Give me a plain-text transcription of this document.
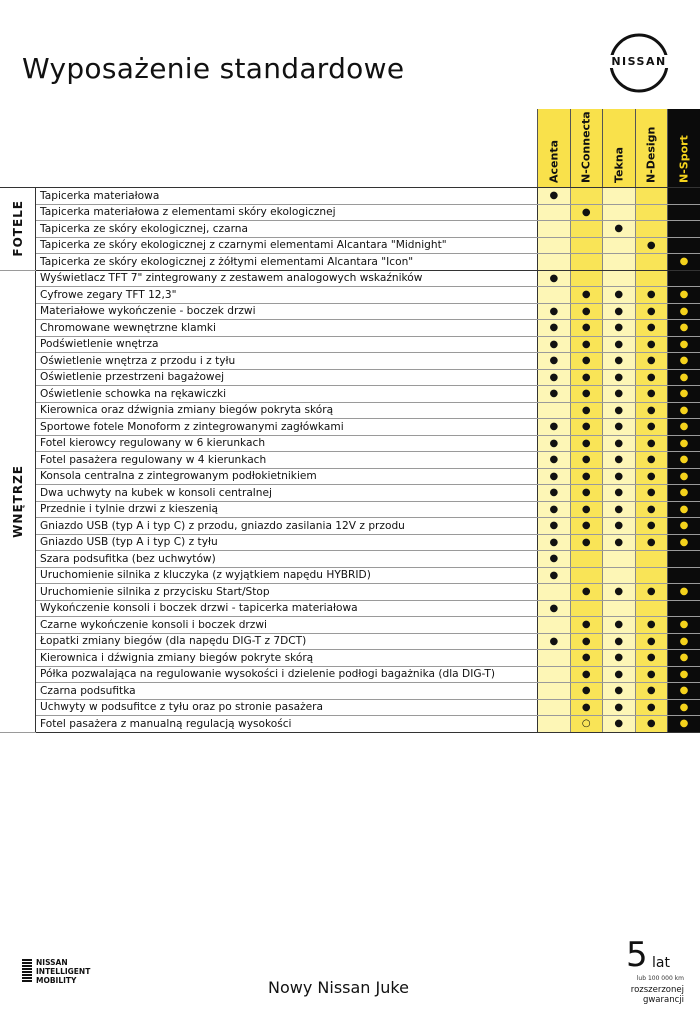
Wyposażenie standardowe	NISSAN

		Acenta	N-Connecta	Tekna	N-Design	N-Sport

FOTELE	Tapicerka materiałowa	●				
	Tapicerka materiałowa z elementami skóry ekologicznej		●			
	Tapicerka ze skóry ekologicznej, czarna			●		
	Tapicerka ze skóry ekologicznej z czarnymi elementami Alcantara "Midnight"				●	
	Tapicerka ze skóry ekologicznej z żółtymi elementami Alcantara "Icon"					●

WNĘTRZE	Wyświetlacz TFT 7" zintegrowany z zestawem analogowych wskaźników	●				
	Cyfrowe zegary TFT 12,3"		●	●	●	●
	Materiałowe wykończenie - boczek drzwi	●	●	●	●	●
	Chromowane wewnętrzne klamki	●	●	●	●	●
	Podświetlenie wnętrza	●	●	●	●	●
	Oświetlenie wnętrza z przodu i z tyłu	●	●	●	●	●
	Oświetlenie przestrzeni bagażowej	●	●	●	●	●
	Oświetlenie schowka na rękawiczki	●	●	●	●	●
	Kierownica oraz dźwignia zmiany biegów pokryta skórą		●	●	●	●
	Sportowe fotele Monoform z zintegrowanymi zagłówkami	●	●	●	●	●
	Fotel kierowcy regulowany w 6 kierunkach	●	●	●	●	●
	Fotel pasażera regulowany w 4 kierunkach	●	●	●	●	●
	Konsola centralna z zintegrowanym podłokietnikiem	●	●	●	●	●
	Dwa uchwyty na kubek w konsoli centralnej	●	●	●	●	●
	Przednie i tylnie drzwi z kieszenią	●	●	●	●	●
	Gniazdo USB (typ A i typ C) z przodu, gniazdo zasilania 12V z przodu	●	●	●	●	●
	Gniazdo USB (typ A i typ C) z tyłu	●	●	●	●	●
	Szara podsufitka (bez uchwytów)	●				
	Uruchomienie silnika z kluczyka (z wyjątkiem napędu HYBRID)	●				
	Uruchomienie silnika z przycisku Start/Stop		●	●	●	●
	Wykończenie konsoli i boczek drzwi - tapicerka materiałowa	●				
	Czarne wykończenie konsoli i boczek drzwi		●	●	●	●
	Łopatki zmiany biegów (dla napędu DIG-T z 7DCT)	●	●	●	●	●
	Kierownica i dźwignia zmiany biegów pokryte skórą		●	●	●	●
	Półka pozwalająca na regulowanie wysokości i dzielenie podłogi bagażnika (dla DIG-T)		●	●	●	●
	Czarna podsufitka		●	●	●	●
	Uchwyty w podsufitce z tyłu oraz po stronie pasażera		●	●	●	●
	Fotel pasażera z manualną regulacją wysokości		○	●	●	●
NISSAN
INTELLIGENT
MOBILITY	Nowy Nissan Juke
5 lat
lub 100 000 km
rozszerzonej
gwarancji
